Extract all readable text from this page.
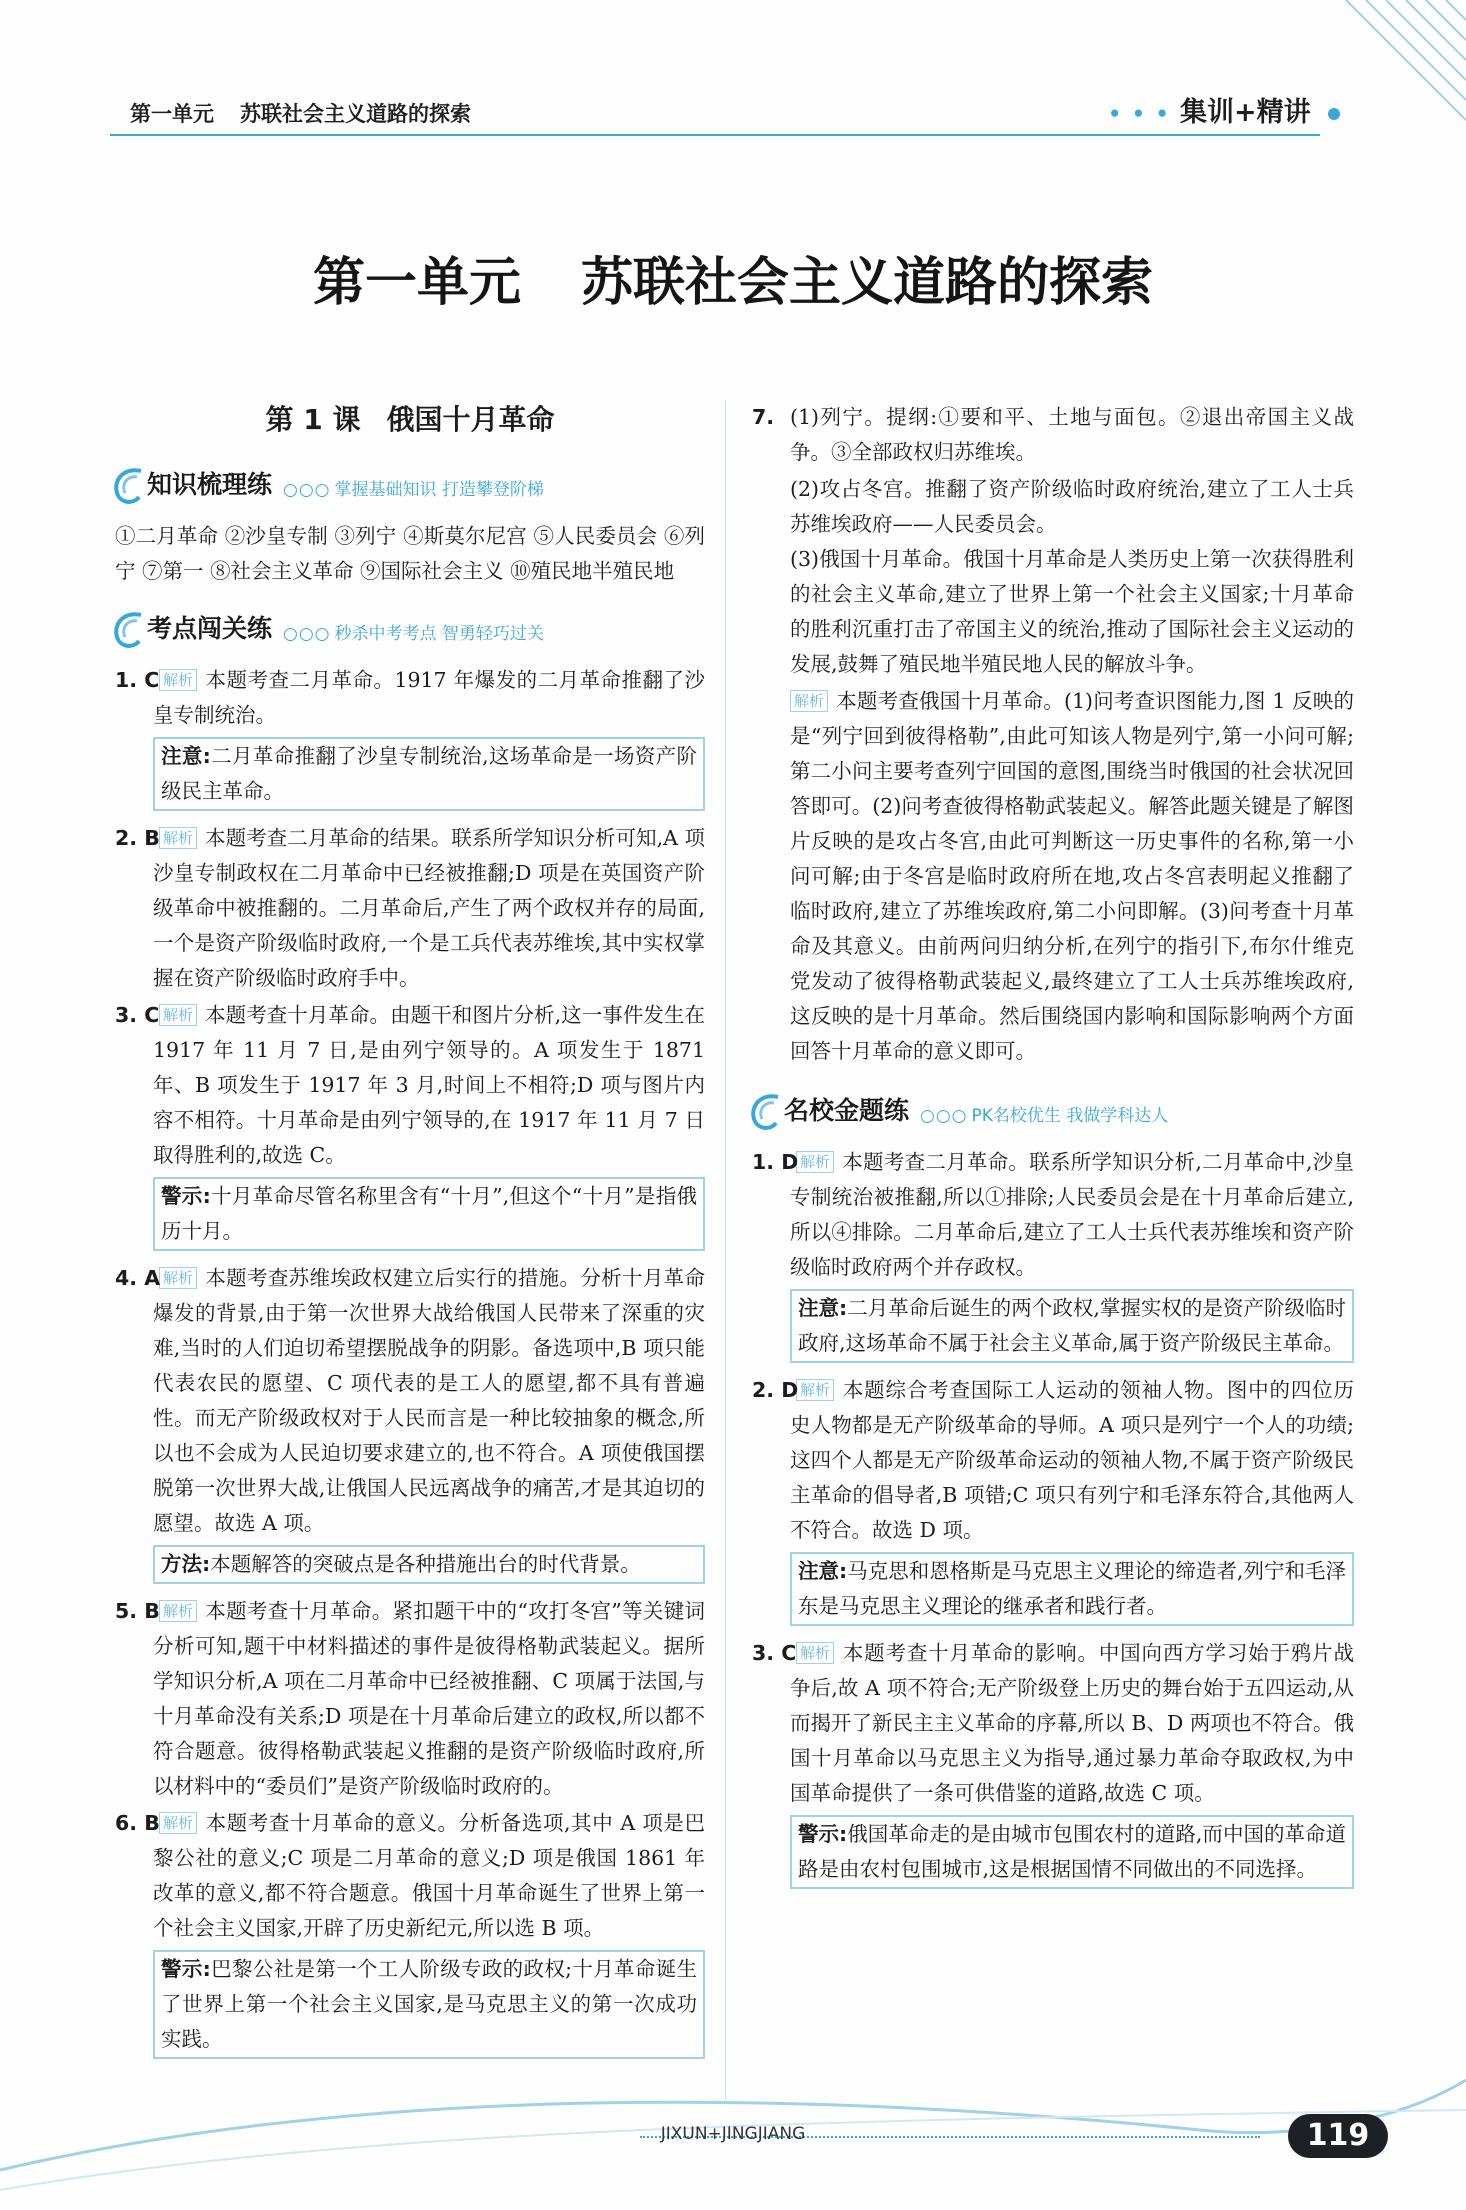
第一单元 苏联社会主义道路的探索	• • • 集训+精讲
第一单元 苏联社会主义道路的探索
第 1 课 俄国十月革命
知识梳理练 ○○○ 掌握基础知识 打造攀登阶梯

①二月革命 ②沙皇专制 ③列宁 ④斯莫尔尼宫 ⑤人民委员会 ⑥列宁 ⑦第一 ⑧社会主义革命 ⑨国际社会主义 ⑩殖民地半殖民地

考点闯关练 ○○○ 秒杀中考考点 智勇轻巧过关
1. C 解析 本题考查二月革命。1917 年爆发的二月革命推翻了沙皇专制统治。
注意:二月革命推翻了沙皇专制统治,这场革命是一场资产阶级民主革命。
2. B 解析 本题考查二月革命的结果。联系所学知识分析可知,A 项沙皇专制政权在二月革命中已经被推翻;D 项是在英国资产阶级革命中被推翻的。二月革命后,产生了两个政权并存的局面,一个是资产阶级临时政府,一个是工兵代表苏维埃,其中实权掌握在资产阶级临时政府手中。
3. C 解析 本题考查十月革命。由题干和图片分析,这一事件发生在 1917 年 11 月 7 日,是由列宁领导的。A 项发生于 1871 年、B 项发生于 1917 年 3 月,时间上不相符;D 项与图片内容不相符。十月革命是由列宁领导的,在 1917 年 11 月 7 日取得胜利的,故选 C。
警示:十月革命尽管名称里含有“十月”,但这个“十月”是指俄历十月。
4. A 解析 本题考查苏维埃政权建立后实行的措施。分析十月革命爆发的背景,由于第一次世界大战给俄国人民带来了深重的灾难,当时的人们迫切希望摆脱战争的阴影。备选项中,B 项只能代表农民的愿望、C 项代表的是工人的愿望,都不具有普遍性。而无产阶级政权对于人民而言是一种比较抽象的概念,所以也不会成为人民迫切要求建立的,也不符合。A 项使俄国摆脱第一次世界大战,让俄国人民远离战争的痛苦,才是其迫切的愿望。故选 A 项。
方法:本题解答的突破点是各种措施出台的时代背景。
5. B 解析 本题考查十月革命。紧扣题干中的“攻打冬宫”等关键词分析可知,题干中材料描述的事件是彼得格勒武装起义。据所学知识分析,A 项在二月革命中已经被推翻、C 项属于法国,与十月革命没有关系;D 项是在十月革命后建立的政权,所以都不符合题意。彼得格勒武装起义推翻的是资产阶级临时政府,所以材料中的“委员们”是资产阶级临时政府的。
6. B 解析 本题考查十月革命的意义。分析备选项,其中 A 项是巴黎公社的意义;C 项是二月革命的意义;D 项是俄国 1861 年改革的意义,都不符合题意。俄国十月革命诞生了世界上第一个社会主义国家,开辟了历史新纪元,所以选 B 项。
警示:巴黎公社是第一个工人阶级专政的政权;十月革命诞生了世界上第一个社会主义国家,是马克思主义的第一次成功实践。
7. (1)列宁。提纲:①要和平、土地与面包。②退出帝国主义战争。③全部政权归苏维埃。

(2)攻占冬宫。推翻了资产阶级临时政府统治,建立了工人士兵苏维埃政府——人民委员会。

(3)俄国十月革命。俄国十月革命是人类历史上第一次获得胜利的社会主义革命,建立了世界上第一个社会主义国家;十月革命的胜利沉重打击了帝国主义的统治,推动了国际社会主义运动的发展,鼓舞了殖民地半殖民地人民的解放斗争。

解析 本题考查俄国十月革命。(1)问考查识图能力,图 1 反映的是“列宁回到彼得格勒”,由此可知该人物是列宁,第一小问可解;第二小问主要考查列宁回国的意图,围绕当时俄国的社会状况回答即可。(2)问考查彼得格勒武装起义。解答此题关键是了解图片反映的是攻占冬宫,由此可判断这一历史事件的名称,第一小问可解;由于冬宫是临时政府所在地,攻占冬宫表明起义推翻了临时政府,建立了苏维埃政府,第二小问即解。(3)问考查十月革命及其意义。由前两问归纳分析,在列宁的指引下,布尔什维克党发动了彼得格勒武装起义,最终建立了工人士兵苏维埃政府,这反映的是十月革命。然后围绕国内影响和国际影响两个方面回答十月革命的意义即可。

名校金题练 ○○○ PK名校优生 我做学科达人
1. D 解析 本题考查二月革命。联系所学知识分析,二月革命中,沙皇专制统治被推翻,所以①排除;人民委员会是在十月革命后建立,所以④排除。二月革命后,建立了工人士兵代表苏维埃和资产阶级临时政府两个并存政权。
注意:二月革命后诞生的两个政权,掌握实权的是资产阶级临时政府,这场革命不属于社会主义革命,属于资产阶级民主革命。
2. D 解析 本题综合考查国际工人运动的领袖人物。图中的四位历史人物都是无产阶级革命的导师。A 项只是列宁一个人的功绩;这四个人都是无产阶级革命运动的领袖人物,不属于资产阶级民主革命的倡导者,B 项错;C 项只有列宁和毛泽东符合,其他两人不符合。故选 D 项。
注意:马克思和恩格斯是马克思主义理论的缔造者,列宁和毛泽东是马克思主义理论的继承者和践行者。
3. C 解析 本题考查十月革命的影响。中国向西方学习始于鸦片战争后,故 A 项不符合;无产阶级登上历史的舞台始于五四运动,从而揭开了新民主主义革命的序幕,所以 B、D 两项也不符合。俄国十月革命以马克思主义为指导,通过暴力革命夺取政权,为中国革命提供了一条可供借鉴的道路,故选 C 项。
警示:俄国革命走的是由城市包围农村的道路,而中国的革命道路是由农村包围城市,这是根据国情不同做出的不同选择。
JIXUN+JINGJIANG	119
